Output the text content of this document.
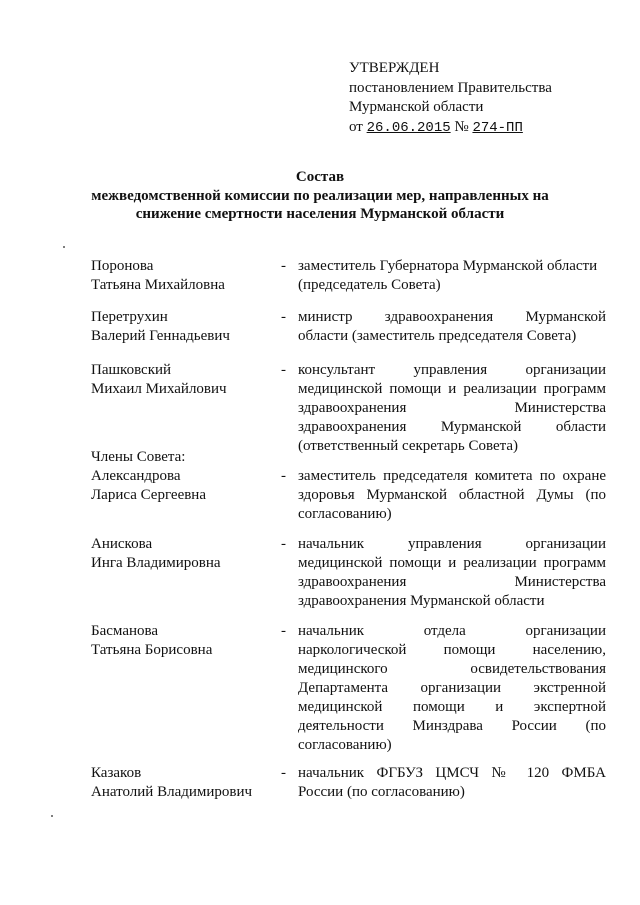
УТВЕРЖДЕН
постановлением Правительства
Мурманской области
от 26.06.2015 № 274-ПП
Состав
межведомственной комиссии по реализации мер, направленных на
снижение смертности населения Мурманской области
Поронова
Татьяна Михайловна
- заместитель Губернатора Мурманской области

(председатель Совета)

Перетрухин
Валерий Геннадьевич
- министр здравоохранения Мурманской

области (заместитель председателя Совета)

Пашковский
Михаил Михайлович
- консультант управления организации

медицинской помощи и реализации программ

здравоохранения Министерства

здравоохранения Мурманской области

(ответственный секретарь Совета)

Члены Совета:
Александрова
Лариса Сергеевна
- заместитель председателя комитета по охране

здоровья Мурманской областной Думы (по

согласованию)

Анискова
Инга Владимировна
- начальник управления организации

медицинской помощи и реализации программ

здравоохранения Министерства

здравоохранения Мурманской области

Басманова
Татьяна Борисовна
- начальник отдела организации

наркологической помощи населению,

медицинского освидетельствования

Департамента организации экстренной

медицинской помощи и экспертной

деятельности Минздрава России (по

согласованию)

Казаков
Анатолий Владимирович
- начальник ФГБУЗ ЦМСЧ № 120 ФМБА

России (по согласованию)
